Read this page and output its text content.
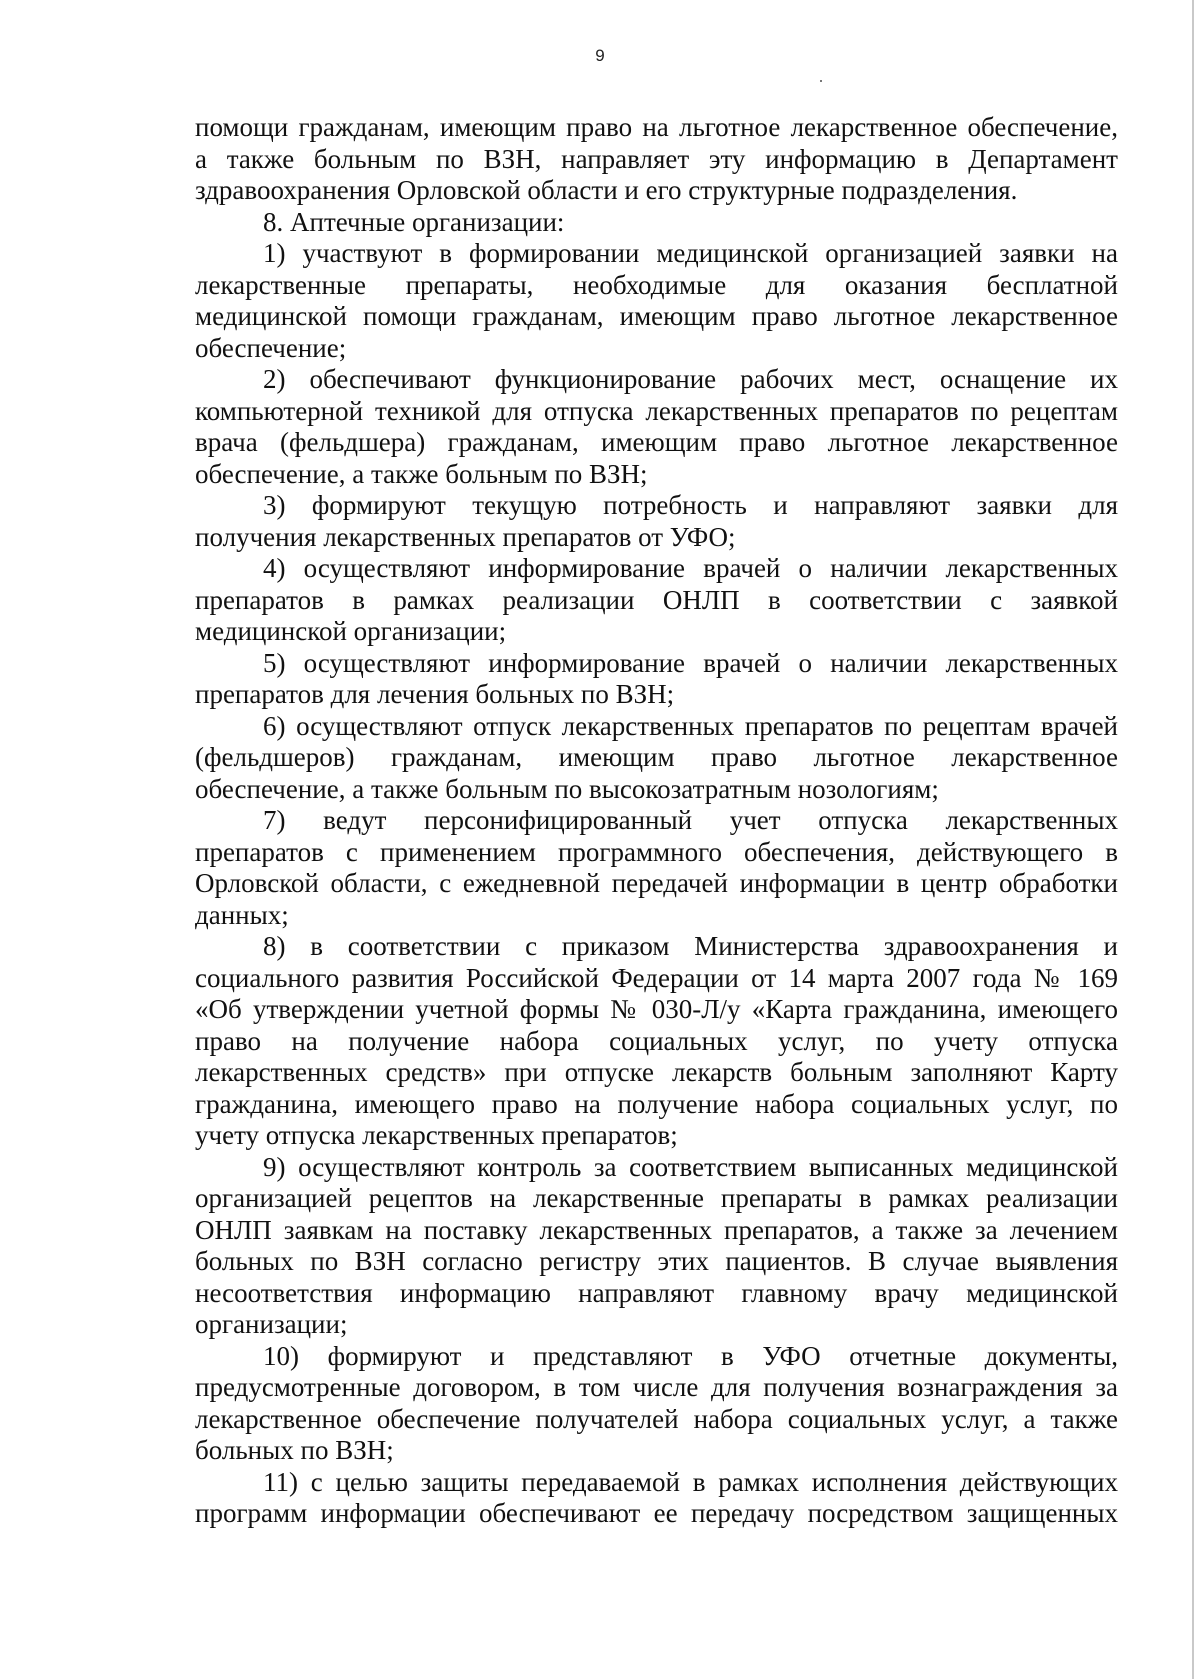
9
помощи гражданам, имеющим право на льготное лекарственное обеспечение,
а также больным по ВЗН, направляет эту информацию в Департамент
здравоохранения Орловской области и его структурные подразделения.
8. Аптечные организации:
1) участвуют в формировании медицинской организацией заявки на
лекарственные препараты, необходимые для оказания бесплатной
медицинской помощи гражданам, имеющим право льготное лекарственное
обеспечение;
2) обеспечивают функционирование рабочих мест, оснащение их
компьютерной техникой для отпуска лекарственных препаратов по рецептам
врача (фельдшера) гражданам, имеющим право льготное лекарственное
обеспечение, а также больным по ВЗН;
3) формируют текущую потребность и направляют заявки для
получения лекарственных препаратов от УФО;
4) осуществляют информирование врачей о наличии лекарственных
препаратов в рамках реализации ОНЛП в соответствии с заявкой
медицинской организации;
5) осуществляют информирование врачей о наличии лекарственных
препаратов для лечения больных по ВЗН;
6) осуществляют отпуск лекарственных препаратов по рецептам врачей
(фельдшеров) гражданам, имеющим право льготное лекарственное
обеспечение, а также больным по высокозатратным нозологиям;
7) ведут персонифицированный учет отпуска лекарственных
препаратов с применением программного обеспечения, действующего в
Орловской области, с ежедневной передачей информации в центр обработки
данных;
8) в соответствии с приказом Министерства здравоохранения и
социального развития Российской Федерации от 14 марта 2007 года № 169
«Об утверждении учетной формы № 030-Л/у «Карта гражданина, имеющего
право на получение набора социальных услуг, по учету отпуска
лекарственных средств» при отпуске лекарств больным заполняют Карту
гражданина, имеющего право на получение набора социальных услуг, по
учету отпуска лекарственных препаратов;
9) осуществляют контроль за соответствием выписанных медицинской
организацией рецептов на лекарственные препараты в рамках реализации
ОНЛП заявкам на поставку лекарственных препаратов, а также за лечением
больных по ВЗН согласно регистру этих пациентов. В случае выявления
несоответствия информацию направляют главному врачу медицинской
организации;
10) формируют и представляют в УФО отчетные документы,
предусмотренные договором, в том числе для получения вознаграждения за
лекарственное обеспечение получателей набора социальных услуг, а также
больных по ВЗН;
11) с целью защиты передаваемой в рамках исполнения действующих
программ информации обеспечивают ее передачу посредством защищенных
